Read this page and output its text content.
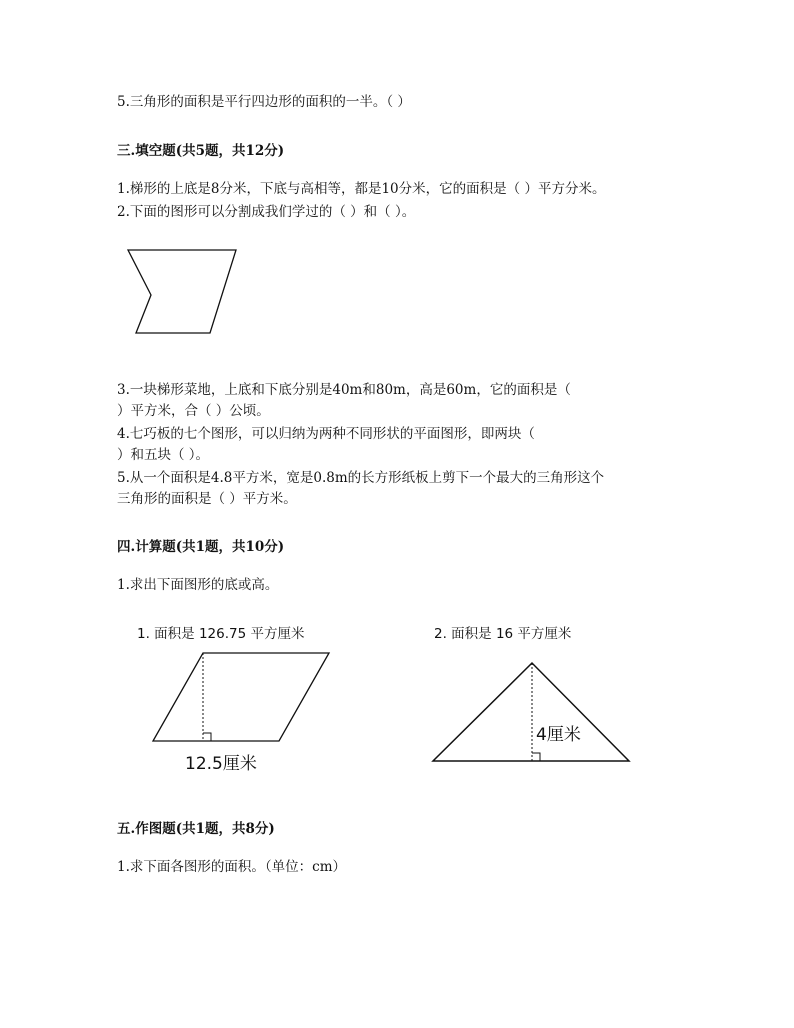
5.三角形的面积是平行四边形的面积的一半。（ ）
三.填空题(共5题，共12分)
1.梯形的上底是8分米，下底与高相等，都是10分米，它的面积是（ ）平方分米。
2.下面的图形可以分割成我们学过的（ ）和（ ）。
3.一块梯形菜地，上底和下底分别是40m和80m，高是60m，它的面积是（
）平方米，合（ ）公顷。
4.七巧板的七个图形，可以归纳为两种不同形状的平面图形，即两块（
）和五块（ ）。
5.从一个面积是4.8平方米，宽是0.8m的长方形纸板上剪下一个最大的三角形这个
三角形的面积是（ ）平方米。
四.计算题(共1题，共10分)
1.求出下面图形的底或高。
1. 面积是 126.75 平方厘米
12.5厘米
2. 面积是 16 平方厘米
4厘米
五.作图题(共1题，共8分)
1.求下面各图形的面积。（单位：cm）
